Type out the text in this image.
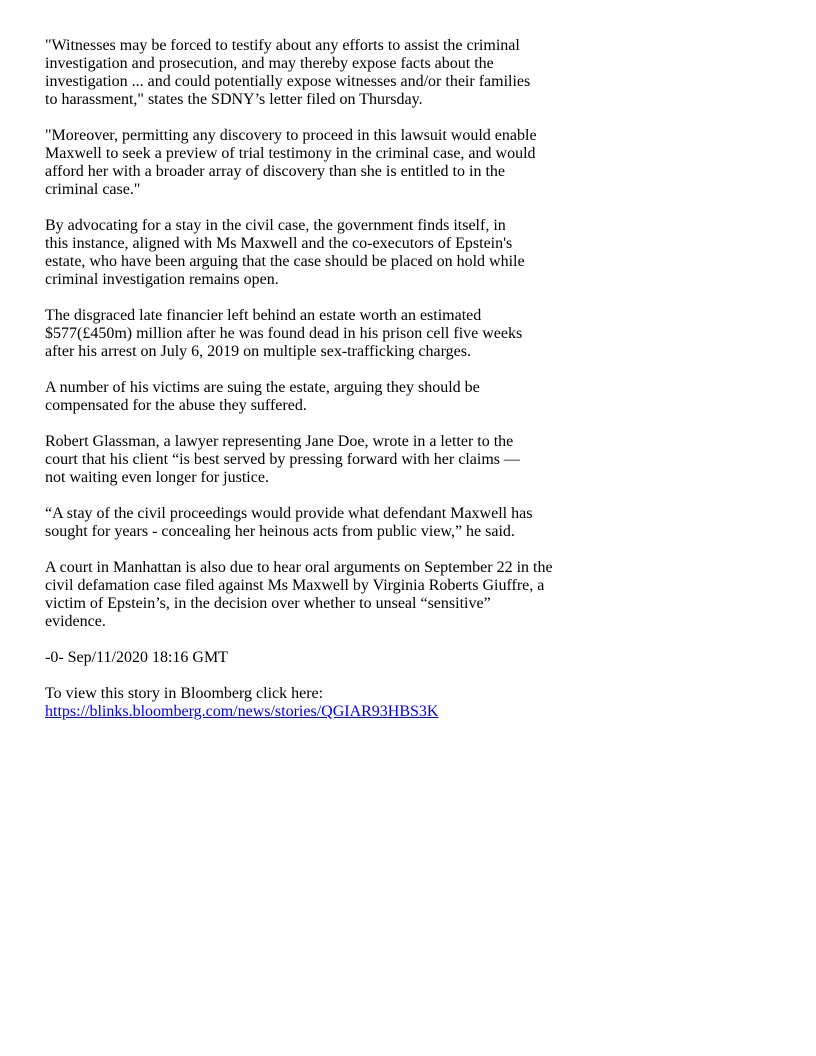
"Witnesses may be forced to testify about any efforts to assist the criminal
investigation and prosecution, and may thereby expose facts about the
investigation ... and could potentially expose witnesses and/or their families
to harassment," states the SDNY’s letter filed on Thursday.

"Moreover, permitting any discovery to proceed in this lawsuit would enable
Maxwell to seek a preview of trial testimony in the criminal case, and would
afford her with a broader array of discovery than she is entitled to in the
criminal case."

By advocating for a stay in the civil case, the government finds itself, in
this instance, aligned with Ms Maxwell and the co-executors of Epstein's
estate, who have been arguing that the case should be placed on hold while
criminal investigation remains open.

The disgraced late financier left behind an estate worth an estimated
$577(£450m) million after he was found dead in his prison cell five weeks
after his arrest on July 6, 2019 on multiple sex-trafficking charges.

A number of his victims are suing the estate, arguing they should be
compensated for the abuse they suffered.

Robert Glassman, a lawyer representing Jane Doe, wrote in a letter to the
court that his client “is best served by pressing forward with her claims —
not waiting even longer for justice.

“A stay of the civil proceedings would provide what defendant Maxwell has
sought for years - concealing her heinous acts from public view,” he said.

A court in Manhattan is also due to hear oral arguments on September 22 in the
civil defamation case filed against Ms Maxwell by Virginia Roberts Giuffre, a
victim of Epstein’s, in the decision over whether to unseal “sensitive”
evidence.

-0- Sep/11/2020 18:16 GMT

To view this story in Bloomberg click here:
https://blinks.bloomberg.com/news/stories/QGIAR93HBS3K
